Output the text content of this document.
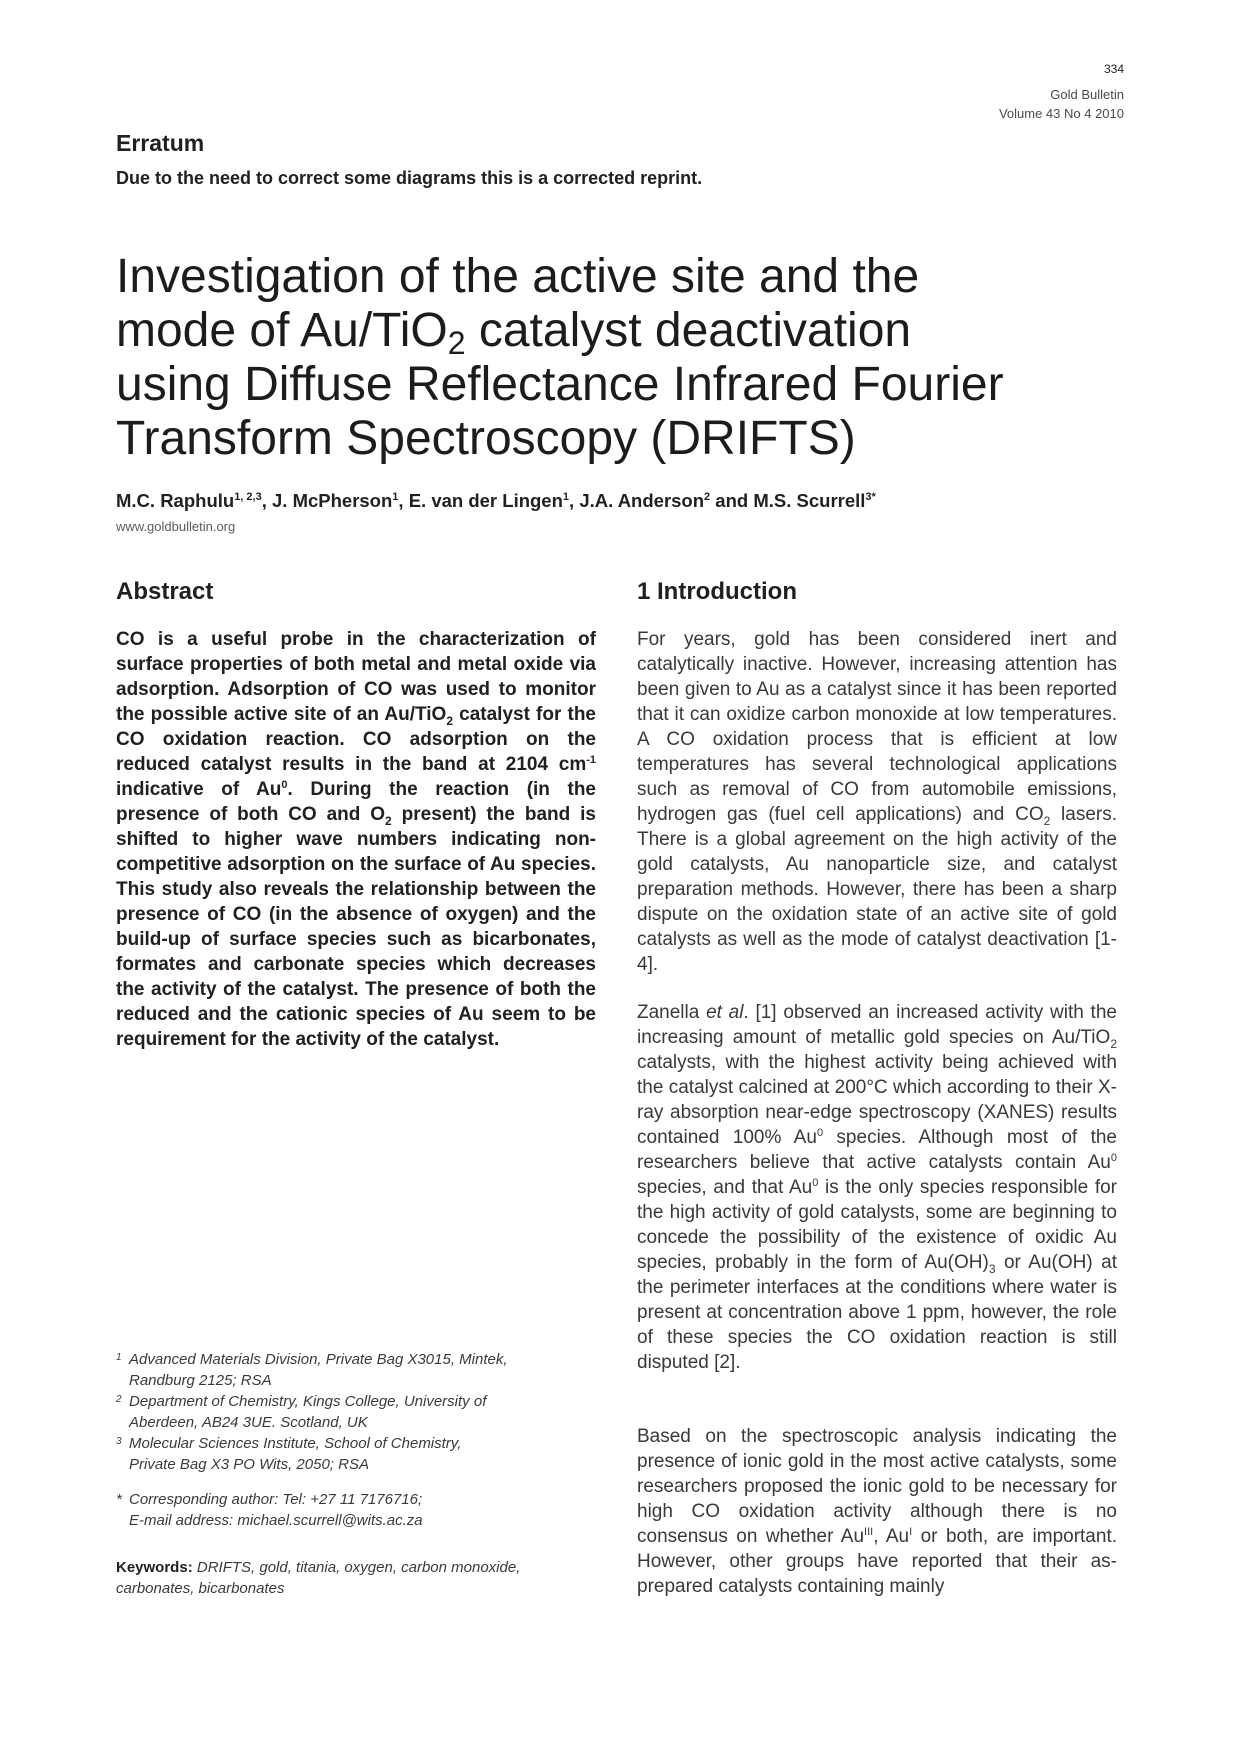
334
Gold Bulletin
Volume 43 No 4 2010
Erratum
Due to the need to correct some diagrams this is a corrected reprint.
Investigation of the active site and the
mode of Au/TiO$_2$ catalyst deactivation
using Diffuse Reflectance Infrared Fourier
Transform Spectroscopy (DRIFTS)
M.C. Raphulu$^{1, 2,3}$, J. McPherson$^1$, E. van der Lingen$^1$, J.A. Anderson$^2$ and M.S. Scurrell$^{3*}$
www.goldbulletin.org
Abstract	1 Introduction
CO is a useful probe in the characterization of surface properties of both metal and metal oxide via adsorption. Adsorption of CO was used to monitor the possible active site of an Au/TiO$_2$ catalyst for the CO oxidation reaction. CO adsorption on the reduced catalyst results in the band at 2104 $cm^{-1}$ indicative of Au$^0$. During the reaction (in the presence of both CO and $O_2$ present) the band is shifted to higher wave numbers indicating non-competitive adsorption on the surface of Au species. This study also reveals the relationship between the presence of CO (in the absence of oxygen) and the build-up of surface species such as bicarbonates, formates and carbonate species which decreases the activity of the catalyst. The presence of both the reduced and the cationic species of Au seem to be requirement for the activity of the catalyst.
For years, gold has been considered inert and catalytically inactive. However, increasing attention has been given to Au as a catalyst since it has been reported that it can oxidize carbon monoxide at low temperatures. A CO oxidation process that is efficient at low temperatures has several technological applications such as removal of CO from automobile emissions, hydrogen gas (fuel cell applications) and $CO_2$ lasers. There is a global agreement on the high activity of the gold catalysts, Au nanoparticle size, and catalyst preparation methods. However, there has been a sharp dispute on the oxidation state of an active site of gold catalysts as well as the mode of catalyst deactivation [1-4].
Zanella et al. [1] observed an increased activity with the increasing amount of metallic gold species on Au/TiO$_2$ catalysts, with the highest activity being achieved with the catalyst calcined at 200°C which according to their X-ray absorption near-edge spectroscopy (XANES) results contained 100% Au$^0$ species. Although most of the researchers believe that active catalysts contain Au$^0$ species, and that Au$^0$ is the only species responsible for the high activity of gold catalysts, some are beginning to concede the possibility of the existence of oxidic Au species, probably in the form of $Au(OH)_3$ or Au(OH) at the perimeter interfaces at the conditions where water is present at concentration above 1 ppm, however, the role of these species the CO oxidation reaction is still disputed [2].
Based on the spectroscopic analysis indicating the presence of ionic gold in the most active catalysts, some researchers proposed the ionic gold to be necessary for high CO oxidation activity although there is no consensus on whether $Au^{III}$, $Au^I$ or both, are important. However, other groups have reported that their as-prepared catalysts containing mainly
1 Advanced Materials Division, Private Bag X3015, Mintek,
Randburg 2125; RSA
2 Department of Chemistry, Kings College, University of
Aberdeen, AB24 3UE. Scotland, UK
3 Molecular Sciences Institute, School of Chemistry,
Private Bag X3 PO Wits, 2050; RSA
* Corresponding author: Tel: +27 11 7176716;
E-mail address: michael.scurrell@wits.ac.za
Keywords: DRIFTS, gold, titania, oxygen, carbon monoxide, carbonates, bicarbonates
